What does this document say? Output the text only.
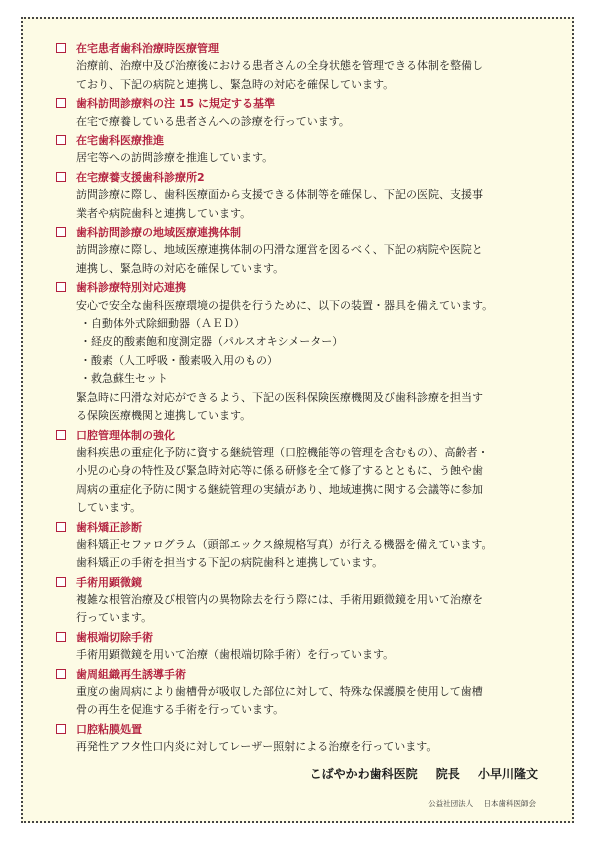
在宅患者歯科治療時医療管理
治療前、治療中及び治療後における患者さんの全身状態を管理できる体制を整備し
ており、下記の病院と連携し、緊急時の対応を確保しています。
歯科訪問診療料の注 15 に規定する基準
在宅で療養している患者さんへの診療を行っています。
在宅歯科医療推進
居宅等への訪問診療を推進しています。
在宅療養支援歯科診療所2
訪問診療に際し、歯科医療面から支援できる体制等を確保し、下記の医院、支援事
業者や病院歯科と連携しています。
歯科訪問診療の地域医療連携体制
訪問診療に際し、地域医療連携体制の円滑な運営を図るべく、下記の病院や医院と
連携し、緊急時の対応を確保しています。
歯科診療特別対応連携
安心で安全な歯科医療環境の提供を行うために、以下の装置・器具を備えています。
・自動体外式除細動器（ＡＥＤ）
・経皮的酸素飽和度測定器（パルスオキシメーター）
・酸素（人工呼吸・酸素吸入用のもの）
・救急蘇生セット
緊急時に円滑な対応ができるよう、下記の医科保険医療機関及び歯科診療を担当す
る保険医療機関と連携しています。
口腔管理体制の強化
歯科疾患の重症化予防に資する継続管理（口腔機能等の管理を含むもの）、高齢者・
小児の心身の特性及び緊急時対応等に係る研修を全て修了するとともに、う蝕や歯
周病の重症化予防に関する継続管理の実績があり、地域連携に関する会議等に参加
しています。
歯科矯正診断
歯科矯正セファログラム（頭部エックス線規格写真）が行える機器を備えています。
歯科矯正の手術を担当する下記の病院歯科と連携しています。
手術用顕微鏡
複雑な根管治療及び根管内の異物除去を行う際には、手術用顕微鏡を用いて治療を
行っています。
歯根端切除手術
手術用顕微鏡を用いて治療（歯根端切除手術）を行っています。
歯周組織再生誘導手術
重度の歯周病により歯槽骨が吸収した部位に対して、特殊な保護膜を使用して歯槽
骨の再生を促進する手術を行っています。
口腔粘膜処置
再発性アフタ性口内炎に対してレーザー照射による治療を行っています。
こばやかわ歯科医院 院長 小早川隆文
公益社団法人 日本歯科医師会
